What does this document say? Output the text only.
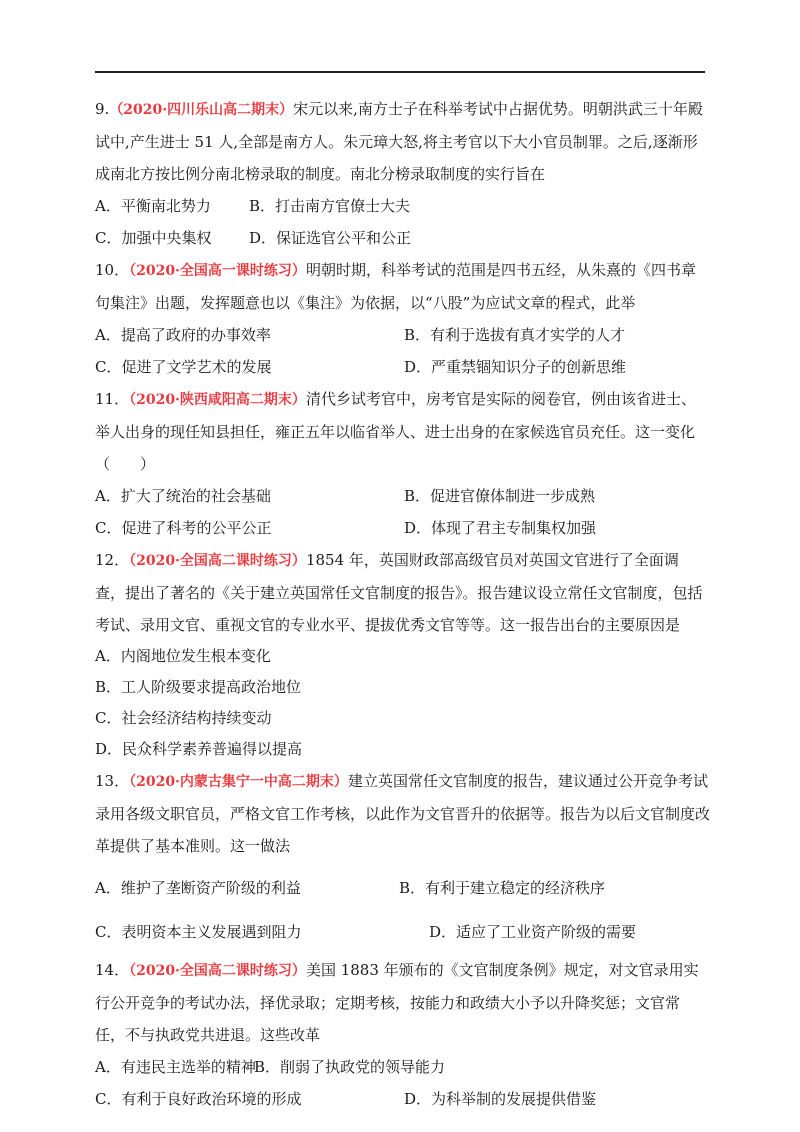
9.（2020·四川乐山高二期末）宋元以来,南方士子在科举考试中占据优势。明朝洪武三十年殿试中,产生进士 51 人,全部是南方人。朱元璋大怒,将主考官以下大小官员制罪。之后,逐渐形成南北方按比例分南北榜录取的制度。南北分榜录取制度的实行旨在

A．平衡南北势力	B．打击南方官僚士大夫
C．加强中央集权	D．保证选官公平和公正

10．（2020·全国高一课时练习）明朝时期，科举考试的范围是四书五经，从朱熹的《四书章句集注》出题，发挥题意也以《集注》为依据，以“八股”为应试文章的程式，此举

A．提高了政府的办事效率	B．有利于选拔有真才实学的人才
C．促进了文学艺术的发展	D．严重禁锢知识分子的创新思维

11．（2020·陕西咸阳高二期末）清代乡试考官中，房考官是实际的阅卷官，例由该省进士、举人出身的现任知县担任，雍正五年以临省举人、进士出身的在家候选官员充任。这一变化（　　）

A．扩大了统治的社会基础	B．促进官僚体制进一步成熟
C．促进了科考的公平公正	D．体现了君主专制集权加强

12．（2020·全国高二课时练习）1854 年，英国财政部高级官员对英国文官进行了全面调查，提出了著名的《关于建立英国常任文官制度的报告》。报告建议设立常任文官制度，包括考试、录用文官、重视文官的专业水平、提拔优秀文官等等。这一报告出台的主要原因是

A．内阁地位发生根本变化
B．工人阶级要求提高政治地位
C．社会经济结构持续变动
D．民众科学素养普遍得以提高

13．（2020·内蒙古集宁一中高二期末）建立英国常任文官制度的报告，建议通过公开竞争考试录用各级文职官员，严格文官工作考核，以此作为文官晋升的依据等。报告为以后文官制度改革提供了基本准则。这一做法

A．维护了垄断资产阶级的利益	B．有利于建立稳定的经济秩序
C．表明资本主义发展遇到阻力	D．适应了工业资产阶级的需要

14．（2020·全国高二课时练习）美国 1883 年颁布的《文官制度条例》规定，对文官录用实行公开竞争的考试办法，择优录取；定期考核，按能力和政绩大小予以升降奖惩；文官常任，不与执政党共进退。这些改革

A．有违民主选举的精神
B．削弱了执政党的领导能力
C．有利于良好政治环境的形成	D．为科举制的发展提供借鉴
